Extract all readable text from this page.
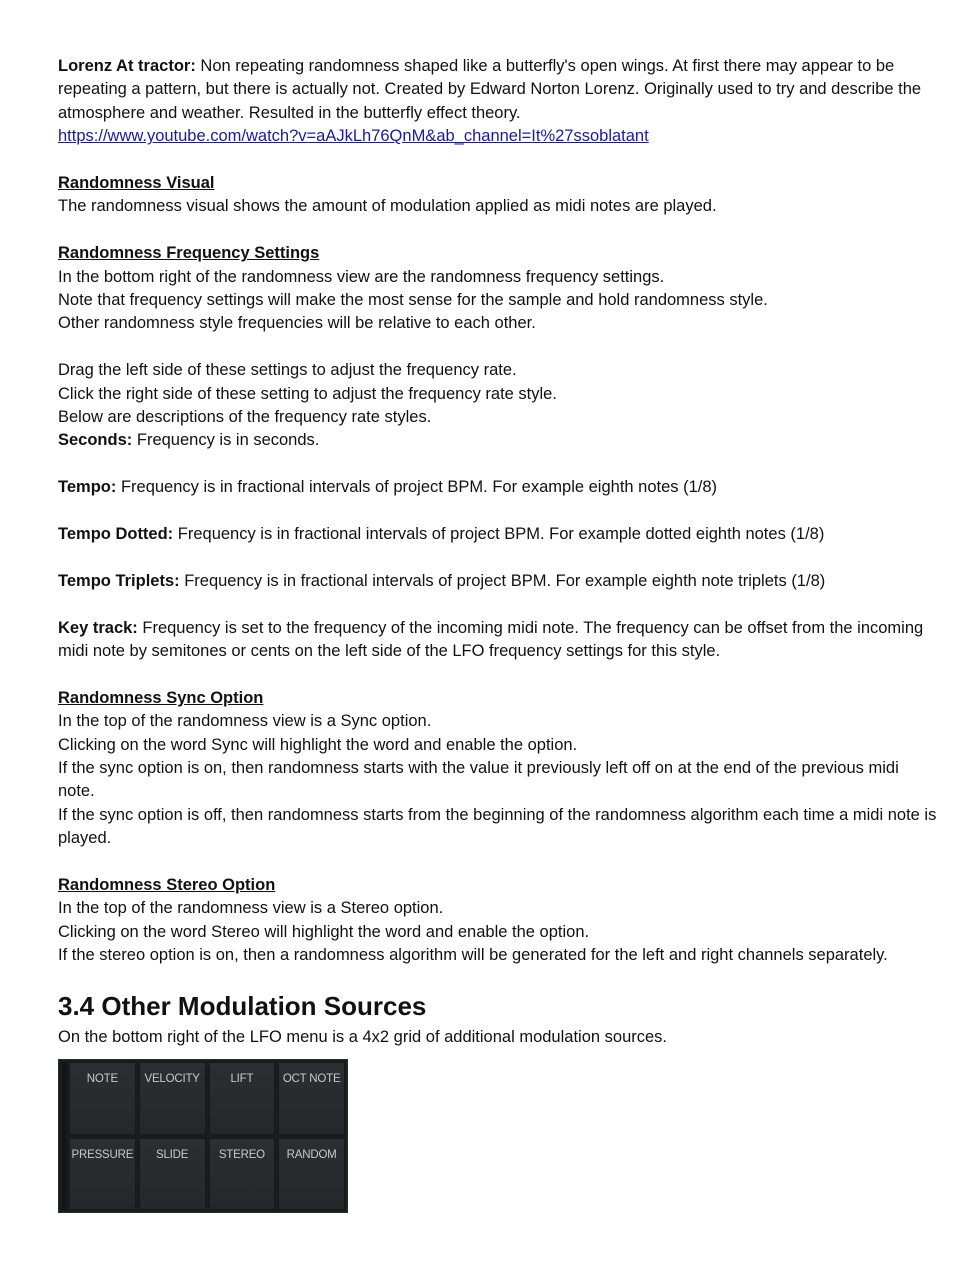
Lorenz At tractor: Non repeating randomness shaped like a butterfly's open wings. At first there may appear to be repeating a pattern, but there is actually not. Created by Edward Norton Lorenz. Originally used to try and describe the atmosphere and weather. Resulted in the butterfly effect theory.

https://www.youtube.com/watch?v=aAJkLh76QnM&ab_channel=It%27ssoblatant

Randomness Visual

The randomness visual shows the amount of modulation applied as midi notes are played.

Randomness Frequency Settings

In the bottom right of the randomness view are the randomness frequency settings.

Note that frequency settings will make the most sense for the sample and hold randomness style.

Other randomness style frequencies will be relative to each other.

Drag the left side of these settings to adjust the frequency rate.

Click the right side of these setting to adjust the frequency rate style.

Below are descriptions of the frequency rate styles.

Seconds: Frequency is in seconds.

Tempo: Frequency is in fractional intervals of project BPM. For example eighth notes (1/8)

Tempo Dotted: Frequency is in fractional intervals of project BPM. For example dotted eighth notes (1/8)

Tempo Triplets: Frequency is in fractional intervals of project BPM. For example eighth note triplets (1/8)

Key track: Frequency is set to the frequency of the incoming midi note. The frequency can be offset from the incoming midi note by semitones or cents on the left side of the LFO frequency settings for this style.

Randomness Sync Option

In the top of the randomness view is a Sync option.

Clicking on the word Sync will highlight the word and enable the option.

If the sync option is on, then randomness starts with the value it previously left off on at the end of the previous midi note.

If the sync option is off, then randomness starts from the beginning of the randomness algorithm each time a midi note is played.

Randomness Stereo Option

In the top of the randomness view is a Stereo option.

Clicking on the word Stereo will highlight the word and enable the option.

If the stereo option is on, then a randomness algorithm will be generated for the left and right channels separately.

3.4 Other Modulation Sources

On the bottom right of the LFO menu is a 4x2 grid of additional modulation sources.

NOTE	VELOCITY	LIFT	OCT NOTE
PRESSURE	SLIDE	STEREO	RANDOM
